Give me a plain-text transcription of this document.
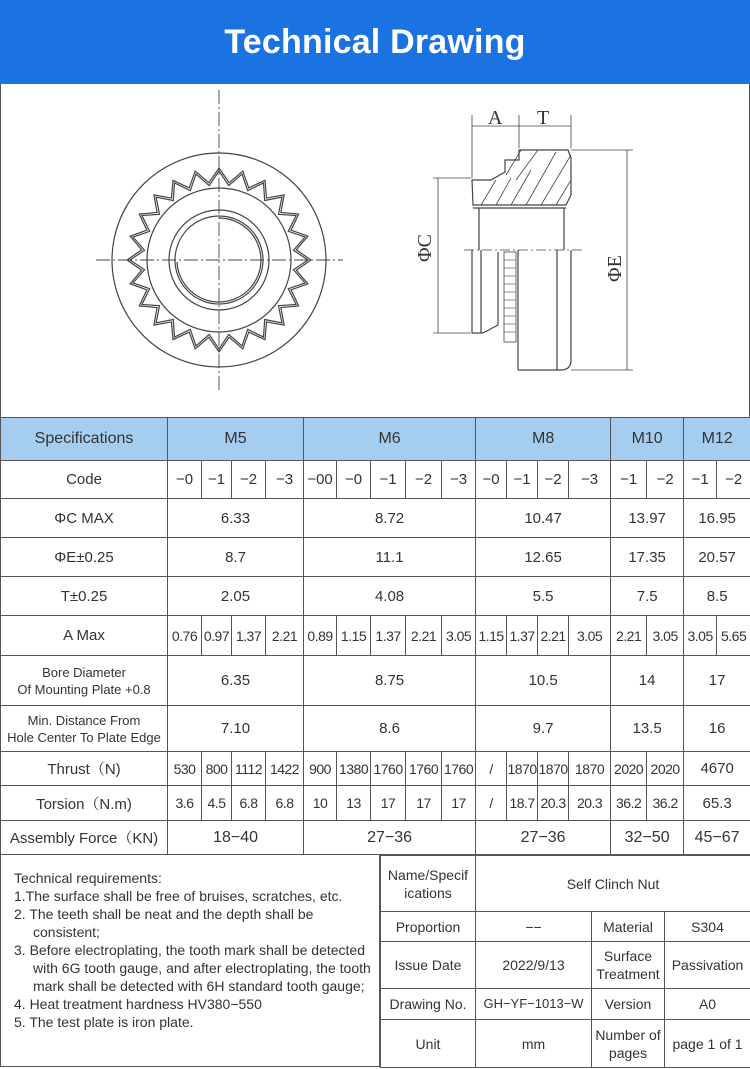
Technical Drawing
A T
ΦC
ΦE
Specifications	M5				M6					M8				M10		M12	
Code	−0	−1	−2	−3	−00	−0	−1	−2	−3	−0	−1	−2	−3	−1	−2	−1	−2
ΦC MAX	6.33				8.72					10.47				13.97		16.95	
ΦE±0.25	8.7				11.1					12.65				17.35		20.57	
T±0.25	2.05				4.08					5.5				7.5		8.5	
A Max	0.76	0.97	1.37	2.21	0.89	1.15	1.37	2.21	3.05	1.15	1.37	2.21	3.05	2.21	3.05	3.05	5.65
Bore Diameter
Of Mounting Plate +0.8	6.35				8.75					10.5				14		17	
Min. Distance From
Hole Center To Plate Edge	7.10				8.6					9.7				13.5		16	
Thrust（N)	530	800	1112	1422	900	1380	1760	1760	1760	/	1870	1870	1870	2020	2020	4670	
Torsion（N.m)	3.6	4.5	6.8	6.8	10	13	17	17	17	/	18.7	20.3	20.3	36.2	36.2	65.3	
Assembly Force（KN)	18−40				27−36					27−36				32−50		45−67	
Technical requirements:
1.The surface shall be free of bruises, scratches, etc.
2. The teeth shall be neat and the depth shall be consistent;
3. Before electroplating, the tooth mark shall be detected with 6G tooth gauge, and after electroplating, the tooth mark shall be detected with 6H standard tooth gauge;
4. Heat treatment hardness HV380−550
5. The test plate is iron plate.
Name/Specif
ications	Self Clinch Nut		
Proportion	−−	Material	S304
Issue Date	2022/9/13	Surface
Treatment	Passivation
Drawing No.	GH−YF−1013−W	Version	A0
Unit	mm	Number of
pages	page 1 of 1
